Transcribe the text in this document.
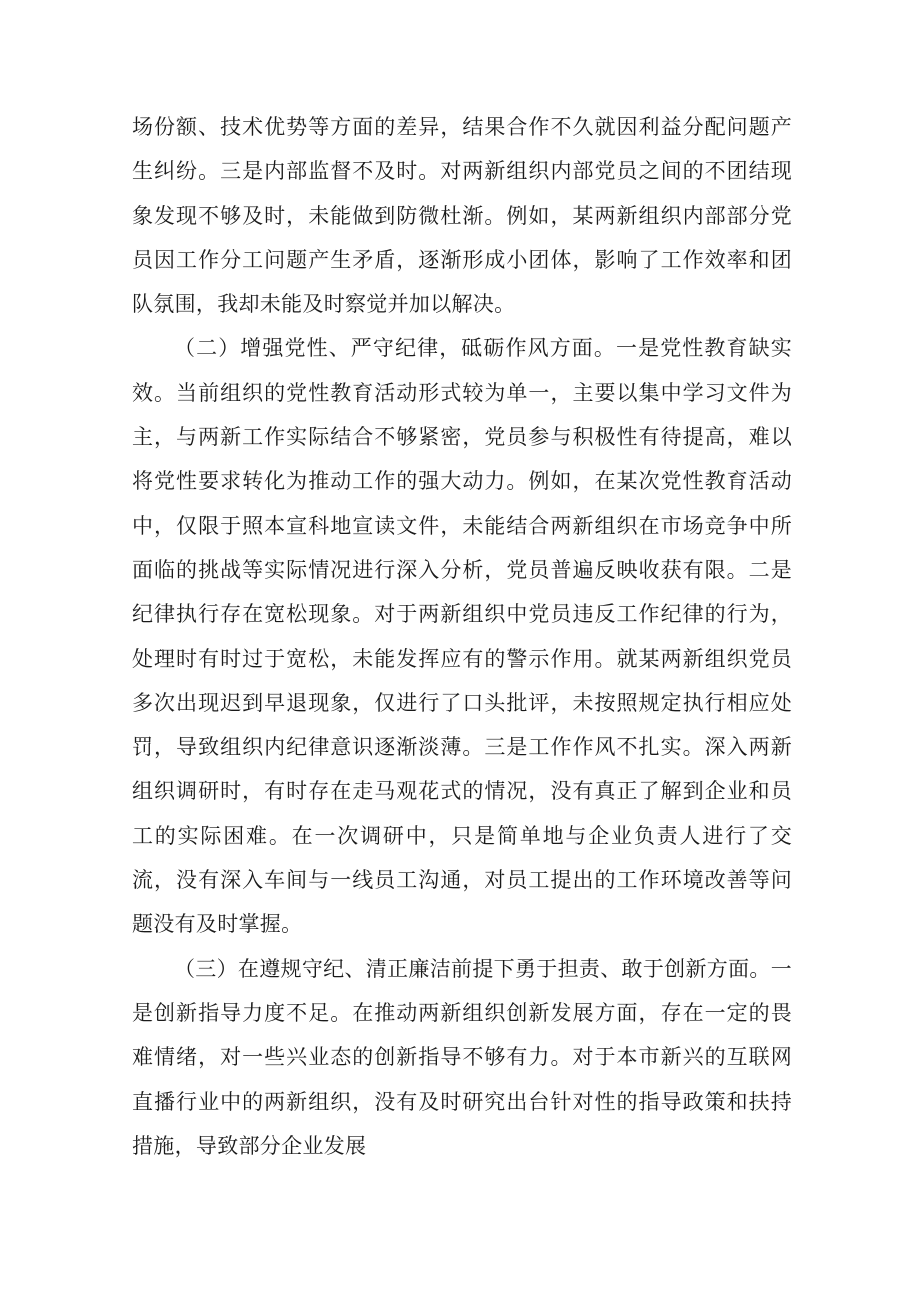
场份额、技术优势等方面的差异，结果合作不久就因利益分配问题产生纠纷。三是内部监督不及时。对两新组织内部党员之间的不团结现象发现不够及时，未能做到防微杜渐。例如，某两新组织内部部分党员因工作分工问题产生矛盾，逐渐形成小团体，影响了工作效率和团队氛围，我却未能及时察觉并加以解决。

（二）增强党性、严守纪律，砥砺作风方面。一是党性教育缺实效。当前组织的党性教育活动形式较为单一，主要以集中学习文件为主，与两新工作实际结合不够紧密，党员参与积极性有待提高，难以将党性要求转化为推动工作的强大动力。例如，在某次党性教育活动中，仅限于照本宣科地宣读文件，未能结合两新组织在市场竞争中所面临的挑战等实际情况进行深入分析，党员普遍反映收获有限。二是纪律执行存在宽松现象。对于两新组织中党员违反工作纪律的行为，处理时有时过于宽松，未能发挥应有的警示作用。就某两新组织党员多次出现迟到早退现象，仅进行了口头批评，未按照规定执行相应处罚，导致组织内纪律意识逐渐淡薄。三是工作作风不扎实。深入两新组织调研时，有时存在走马观花式的情况，没有真正了解到企业和员工的实际困难。在一次调研中，只是简单地与企业负责人进行了交流，没有深入车间与一线员工沟通，对员工提出的工作环境改善等问题没有及时掌握。

（三）在遵规守纪、清正廉洁前提下勇于担责、敢于创新方面。一是创新指导力度不足。在推动两新组织创新发展方面，存在一定的畏难情绪，对一些兴业态的创新指导不够有力。对于本市新兴的互联网直播行业中的两新组织，没有及时研究出台针对性的指导政策和扶持措施，导致部分企业发展
